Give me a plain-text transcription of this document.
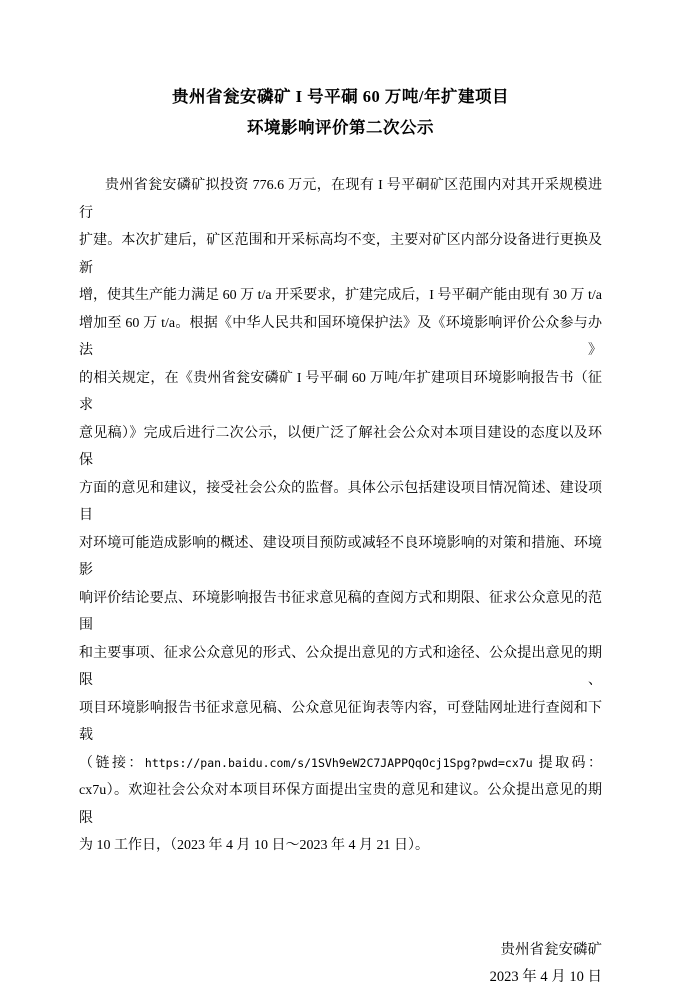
贵州省瓮安磷矿 I 号平硐 60 万吨/年扩建项目
环境影响评价第二次公示
贵州省瓮安磷矿拟投资 776.6 万元，在现有 I 号平硐矿区范围内对其开采规模进行
扩建。本次扩建后，矿区范围和开采标高均不变，主要对矿区内部分设备进行更换及新
增，使其生产能力满足 60 万 t/a 开采要求，扩建完成后，I 号平硐产能由现有 30 万 t/a
增加至 60 万 t/a。根据《中华人民共和国环境保护法》及《环境影响评价公众参与办法》
的相关规定，在《贵州省瓮安磷矿 I 号平硐 60 万吨/年扩建项目环境影响报告书（征求
意见稿）》完成后进行二次公示，以便广泛了解社会公众对本项目建设的态度以及环保
方面的意见和建议，接受社会公众的监督。具体公示包括建设项目情况简述、建设项目
对环境可能造成影响的概述、建设项目预防或减轻不良环境影响的对策和措施、环境影
响评价结论要点、环境影响报告书征求意见稿的查阅方式和期限、征求公众意见的范围
和主要事项、征求公众意见的形式、公众提出意见的方式和途径、公众提出意见的期限、
项目环境影响报告书征求意见稿、公众意见征询表等内容，可登陆网址进行查阅和下载
（链接：https://pan.baidu.com/s/1SVh9eW2C7JAPPQqOcj1Spg?pwd=cx7u 提取码：
cx7u）。欢迎社会公众对本项目环保方面提出宝贵的意见和建议。公众提出意见的期限
为 10 工作日，（2023 年 4 月 10 日～2023 年 4 月 21 日）。
贵州省瓮安磷矿
2023 年 4 月 10 日
